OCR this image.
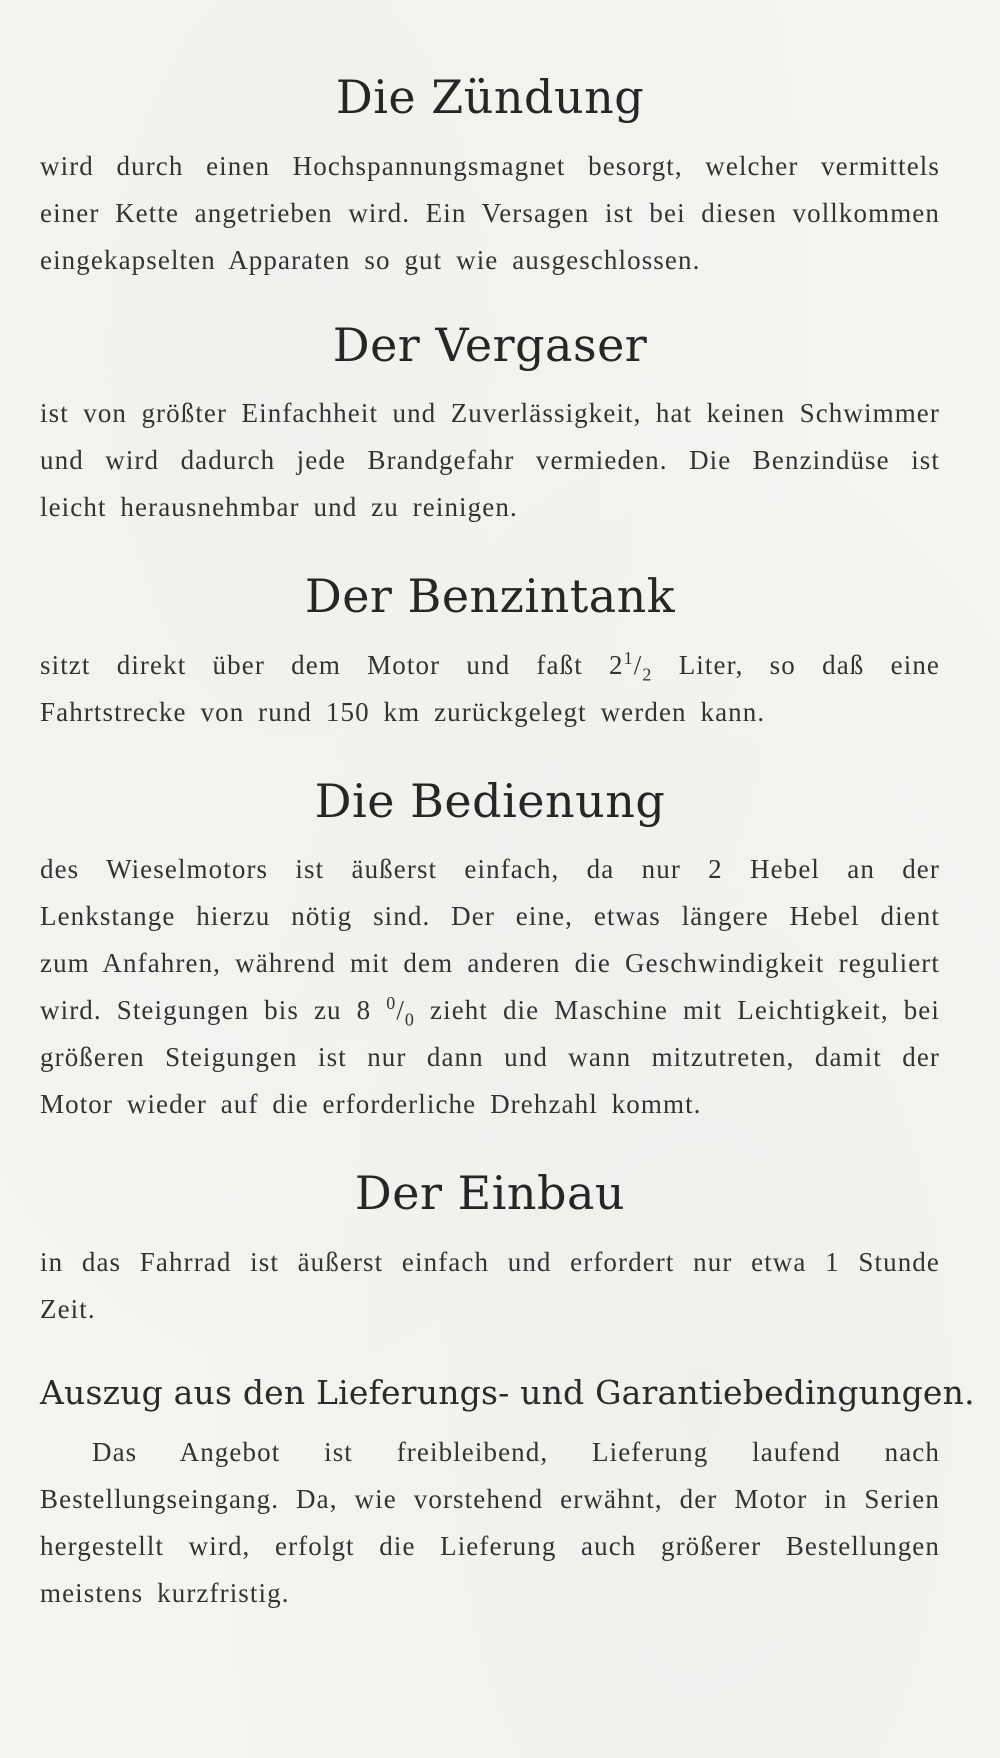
Die Zündung

wird durch einen Hochspannungsmagnet besorgt, welcher vermittels einer Kette angetrieben wird. Ein Versagen ist bei diesen vollkommen eingekapselten Apparaten so gut wie ausgeschlossen.

Der Vergaser

ist von größter Einfachheit und Zuverlässigkeit, hat keinen Schwimmer und wird dadurch jede Brandgefahr vermieden. Die Benzindüse ist leicht herausnehmbar und zu reinigen.

Der Benzintank

sitzt direkt über dem Motor und faßt $2^1/_2$ Liter, so daß eine Fahrtstrecke von rund 150 km zurückgelegt werden kann.

Die Bedienung

des Wieselmotors ist äußerst einfach, da nur 2 Hebel an der Lenkstange hierzu nötig sind. Der eine, etwas längere Hebel dient zum Anfahren, während mit dem anderen die Geschwindigkeit reguliert wird. Steigungen bis zu 8 $^0/_0$ zieht die Maschine mit Leichtigkeit, bei größeren Steigungen ist nur dann und wann mitzutreten, damit der Motor wieder auf die erforderliche Drehzahl kommt.

Der Einbau

in das Fahrrad ist äußerst einfach und erfordert nur etwa 1 Stunde Zeit.

Auszug aus den Lieferungs- und Garantiebedingungen.

Das Angebot ist freibleibend, Lieferung laufend nach Bestellungseingang. Da, wie vorstehend erwähnt, der Motor in Serien hergestellt wird, erfolgt die Lieferung auch größerer Bestellungen meistens kurzfristig.
